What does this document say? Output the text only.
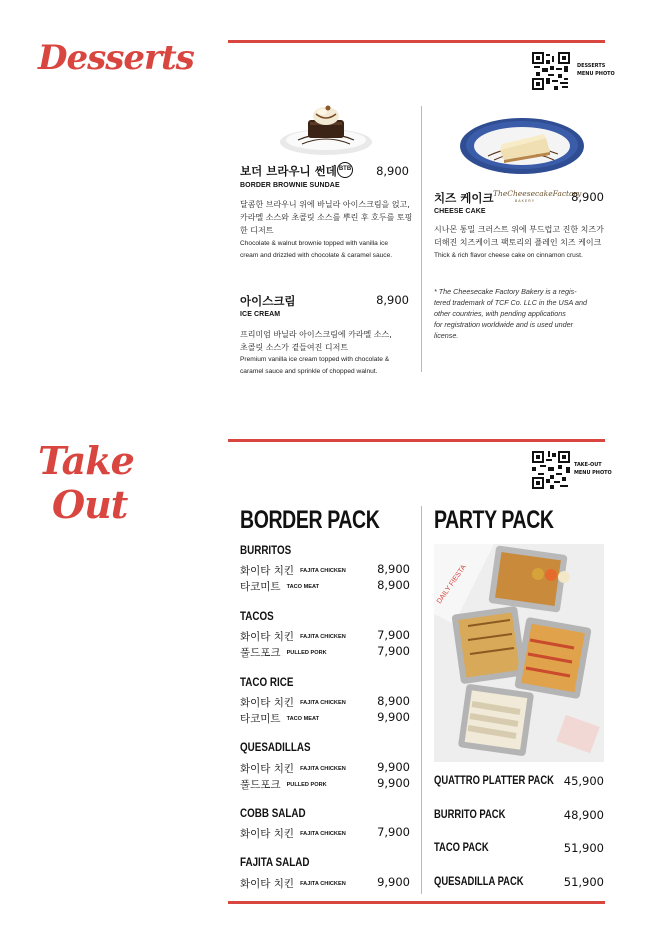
Desserts	DESSERTS
MENU PHOTO
보더 브라우니 썬데 BTB	8,900
BORDER BROWNIE SUNDAE
달콤한 브라우니 위에 바닐라 아이스크림을 얹고,
카라멜 소스와 초콜릿 소스를 뿌린 후 호두를 토핑
한 디저트
Chocolate & walnut brownie topped with vanilla ice
cream and drizzled with chocolate & caramel sauce.
아이스크림	8,900
ICE CREAM
프리미엄 바닐라 아이스크림에 카라멜 소스,
초콜릿 소스가 곁들여진 디저트
Premium vanilla ice cream topped with chocolate &
caramel sauce and sprinkle of chopped walnut.
치즈 케이크 TheCheesecakeFactory
BAKERY	8,900
CHEESE CAKE
시나몬 통밀 크러스트 위에 부드럽고 진한 치즈가
더해진 치즈케이크 팩토리의 플레인 치즈 케이크
Thick & rich flavor cheese cake on cinnamon crust.
* The Cheesecake Factory Bakery is a regis-
tered trademark of TCF Co. LLC in the USA and
other countries, with pending applications
for registration worldwide and is used under
license.
Take
Out
TAKE-OUT
MENU PHOTO
BORDER PACK
BURRITOS
화이타 치킨 FAJITA CHICKEN	8,900
타코미트 TACO MEAT	8,900
TACOS
화이타 치킨 FAJITA CHICKEN	7,900
풀드포크 PULLED PORK	7,900
TACO RICE
화이타 치킨 FAJITA CHICKEN	8,900
타코미트 TACO MEAT	9,900
QUESADILLAS
화이타 치킨 FAJITA CHICKEN	9,900
풀드포크 PULLED PORK	9,900
COBB SALAD
화이타 치킨 FAJITA CHICKEN	7,900
FAJITA SALAD
화이타 치킨 FAJITA CHICKEN	9,900
PARTY PACK
DAILY FIESTA
QUATTRO PLATTER PACK 45,900
BURRITO PACK	48,900
TACO PACK	51,900
QUESADILLA PACK	51,900
